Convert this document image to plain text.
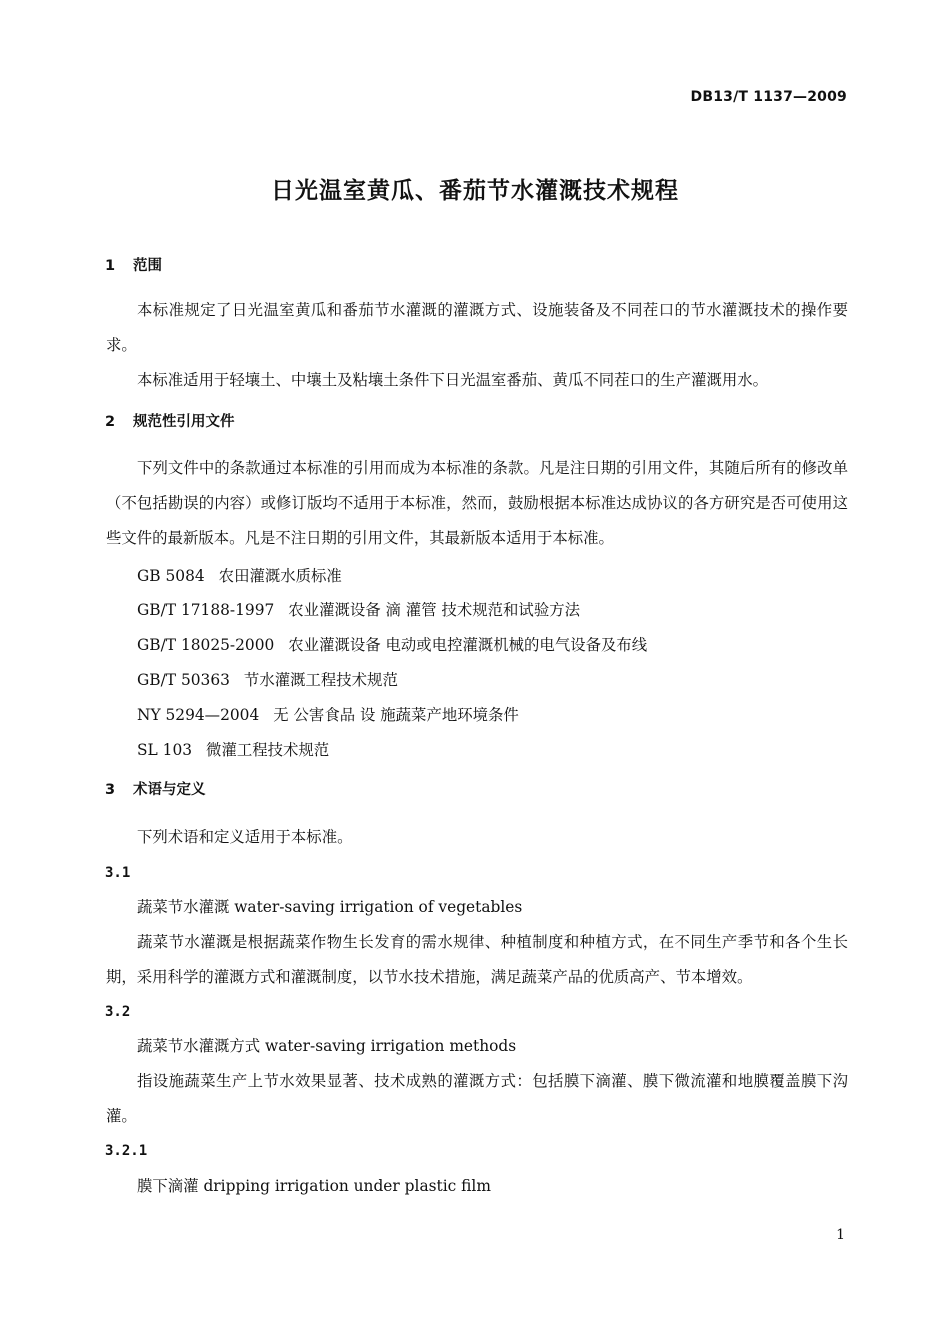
DB13/T 1137—2009
日光温室黄瓜、番茄节水灌溉技术规程
1 范围

本标准规定了日光温室黄瓜和番茄节水灌溉的灌溉方式、设施装备及不同茬口的节水灌溉技术的操作要求。

本标准适用于轻壤土、中壤土及粘壤土条件下日光温室番茄、黄瓜不同茬口的生产灌溉用水。

2 规范性引用文件

下列文件中的条款通过本标准的引用而成为本标准的条款。凡是注日期的引用文件，其随后所有的修改单（不包括勘误的内容）或修订版均不适用于本标准，然而，鼓励根据本标准达成协议的各方研究是否可使用这些文件的最新版本。凡是不注日期的引用文件，其最新版本适用于本标准。

GB 5084 农田灌溉水质标准
GB/T 17188-1997 农业灌溉设备 滴 灌管 技术规范和试验方法
GB/T 18025-2000 农业灌溉设备 电动或电控灌溉机械的电气设备及布线
GB/T 50363 节水灌溉工程技术规范
NY 5294—2004 无 公害食品 设 施蔬菜产地环境条件
SL 103 微灌工程技术规范
3 术语与定义

下列术语和定义适用于本标准。

3.1
蔬菜节水灌溉 water-saving irrigation of vegetables

蔬菜节水灌溉是根据蔬菜作物生长发育的需水规律、种植制度和种植方式，在不同生产季节和各个生长期，采用科学的灌溉方式和灌溉制度，以节水技术措施，满足蔬菜产品的优质高产、节本增效。

3.2
蔬菜节水灌溉方式 water-saving irrigation methods

指设施蔬菜生产上节水效果显著、技术成熟的灌溉方式：包括膜下滴灌、膜下微流灌和地膜覆盖膜下沟灌。

3.2.1
膜下滴灌 dripping irrigation under plastic film
1
